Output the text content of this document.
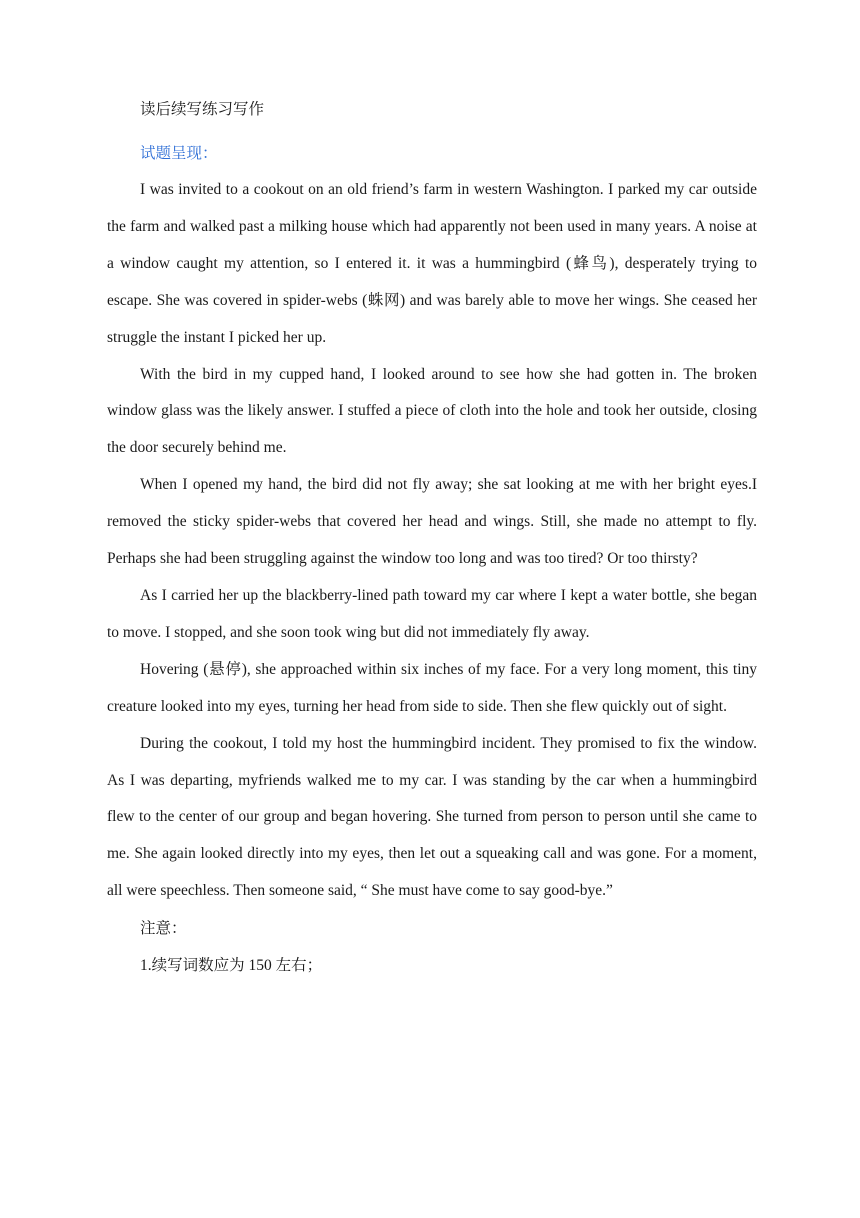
读后续写练习写作

试题呈现：

I was invited to a cookout on an old friend’s farm in western Washington. I parked my car outside the farm and walked past a milking house which had apparently not been used in many years. A noise at a window caught my attention, so I entered it. it was a hummingbird (蜂鸟), desperately trying to escape. She was covered in spider-webs (蛛网) and was barely able to move her wings. She ceased her struggle the instant I picked her up.

With the bird in my cupped hand, I looked around to see how she had gotten in. The broken window glass was the likely answer. I stuffed a piece of cloth into the hole and took her outside, closing the door securely behind me.

When I opened my hand, the bird did not fly away; she sat looking at me with her bright eyes.I removed the sticky spider-webs that covered her head and wings. Still, she made no attempt to fly. Perhaps she had been struggling against the window too long and was too tired? Or too thirsty?

As I carried her up the blackberry-lined path toward my car where I kept a water bottle, she began to move. I stopped, and she soon took wing but did not immediately fly away.

Hovering (悬停), she approached within six inches of my face. For a very long moment, this tiny creature looked into my eyes, turning her head from side to side. Then she flew quickly out of sight.

During the cookout, I told my host the hummingbird incident. They promised to fix the window. As I was departing, myfriends walked me to my car. I was standing by the car when a hummingbird flew to the center of our group and began hovering. She turned from person to person until she came to me. She again looked directly into my eyes, then let out a squeaking call and was gone. For a moment, all were speechless. Then someone said, “ She must have come to say good-bye.”

注意：

1.续写词数应为 150 左右；
